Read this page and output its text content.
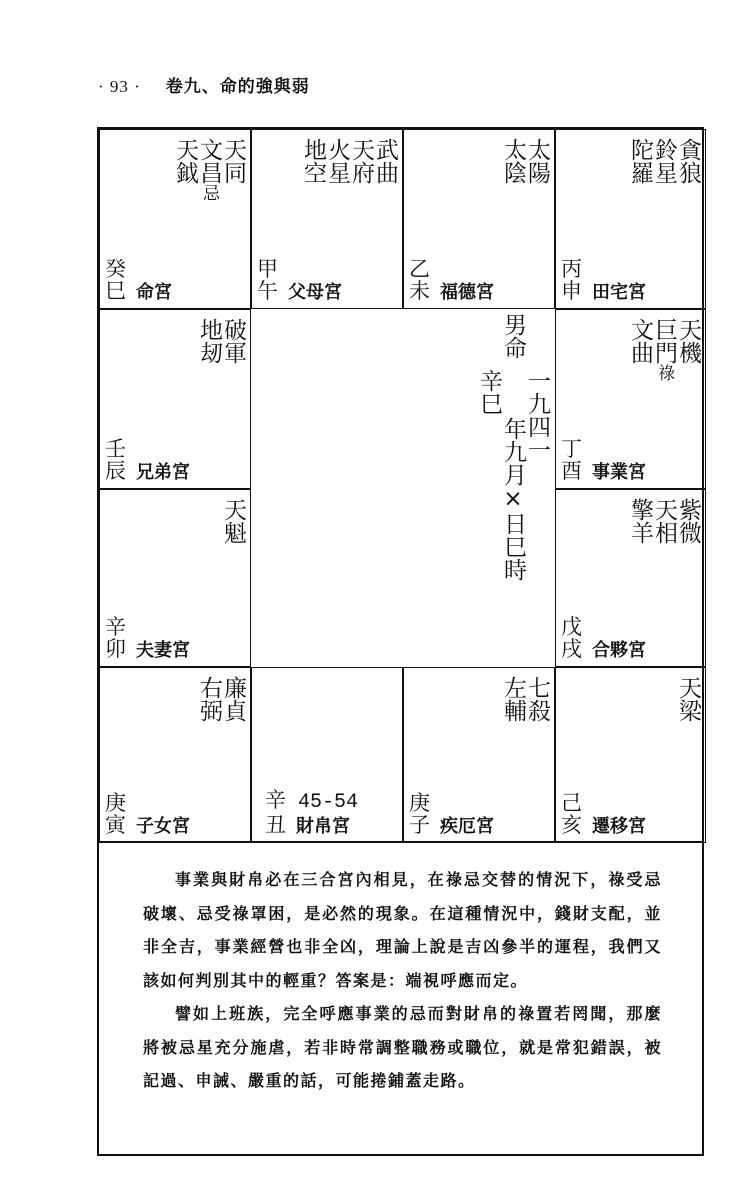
· 93 · 卷九、命的強與弱
天同
文昌忌
天鉞
癸
巳 命宮
武曲
天府
火星
地空
甲
午 父母宮
太陽
太陰
乙
未 福德宮
貪狼
鈴星
陀羅
丙
申 田宅宮
破軍
地刼
壬
辰 兄弟宮
天機
巨門祿
文曲
丁
酉 事業宮
天魁
辛
卯 夫妻宮
紫微
天相
擎羊
戊
戌 合夥宮
廉貞
右弼
庚
寅 子女宮
辛 45-54
丑 財帛宮
七殺
左輔
庚
子 疾厄宮
天梁
己
亥 遷移宮
男命
一九四一
辛巳
年九月×日巳時

事業與財帛必在三合宮內相見，在祿忌交替的情況下，祿受忌破壞、忌受祿罩困，是必然的現象。在這種情況中，錢財支配，並非全吉，事業經營也非全凶，理論上說是吉凶參半的運程，我們又該如何判別其中的輕重？答案是：端視呼應而定。

譬如上班族，完全呼應事業的忌而對財帛的祿置若罔聞，那麼將被忌星充分施虐，若非時常調整職務或職位，就是常犯錯誤，被記過、申誡、嚴重的話，可能捲鋪蓋走路。
